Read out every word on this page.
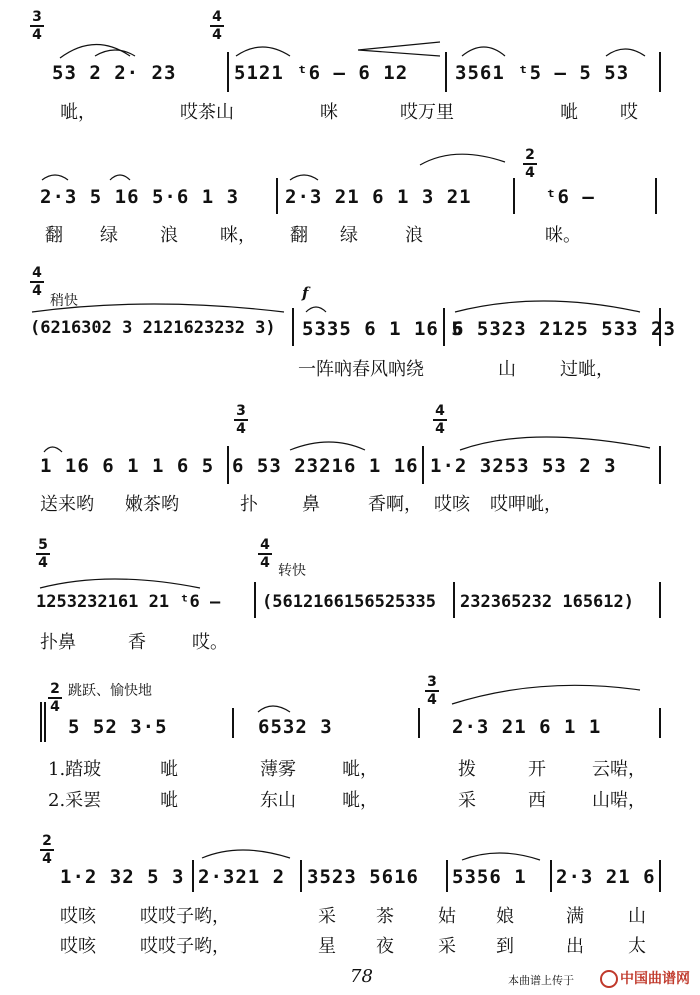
3
4
4
4
53 2 2· 23	5121 ᵗ6 — 6 12 3561 ᵗ5 — 5 53
呲，	哎茶山	咪	哎万里	呲 哎
2
4
2·3 5 16 5·6 1 3 2·3 21 6 1 3 21	ᵗ6 —
翻 绿 浪 咪， 翻 绿	浪	咪。
4
4
稍快	f
(6216302 3 2121623232 3) 5335 6 1 16 5
6 5323 2125 533 23
一阵吶春风吶绕	山 过呲，
3
4
4
4
1 16 6 1 1 6 5 6 53 23216 1 16 1·2 3253 53 2 3
送来哟 嫩茶哟	扑 鼻	香啊， 哎咳 哎呷呲，
5
4
4
4 转快
1253232161 21 ᵗ6 — (5612166156525335 232365232 165612)
扑鼻	香	哎。
2
4
跳跃、愉快地
3
4
5 52 3·5	6532 3	2·3 21 6 1 1
1.踏玻	呲	薄雾	呲，	拨	开	云啱，
2.采罢	呲	东山	呲，	采	西	山啱，
2
4
1·2 32 5 3 2·321 2 3523 5616 5356 1 2·3 21 6
哎咳 哎哎子哟，	采 茶 姑 娘	满 山
哎咳 哎哎子哟，	星 夜 采 到	出 太
78	本曲谱上传于	中国曲谱网
